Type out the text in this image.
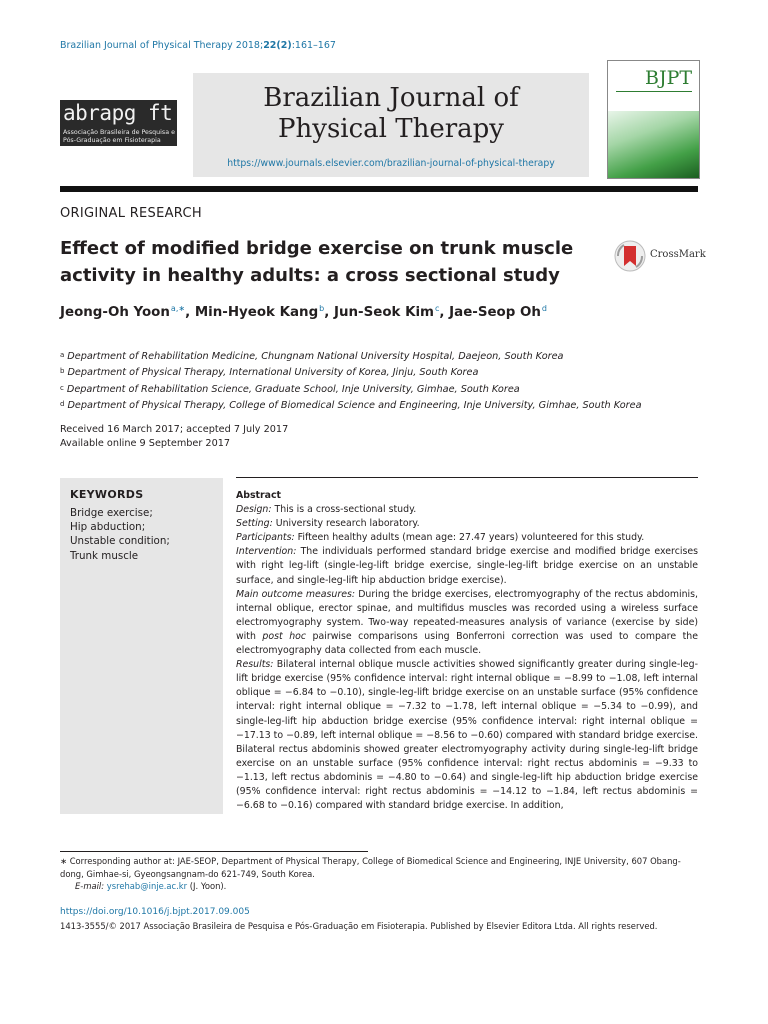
Brazilian Journal of Physical Therapy 2018;22(2):161–167
abrapg ft
Associação Brasileira de Pesquisa e
Pós-Graduação em Fisioterapia
Brazilian Journal of
Physical Therapy
https://www.journals.elsevier.com/brazilian-journal-of-physical-therapy
BJPT
ORIGINAL RESEARCH
Effect of modified bridge exercise on trunk muscle activity in healthy adults: a cross sectional study
CrossMark
Jeong-Oh Yoon$^{a,∗}$, Min-Hyeok Kang$^b$, Jun-Seok Kim$^c$, Jae-Seop Oh$^d$
$^a$ Department of Rehabilitation Medicine, Chungnam National University Hospital, Daejeon, South Korea
$^b$ Department of Physical Therapy, International University of Korea, Jinju, South Korea
$^c$ Department of Rehabilitation Science, Graduate School, Inje University, Gimhae, South Korea
$^d$ Department of Physical Therapy, College of Biomedical Science and Engineering, Inje University, Gimhae, South Korea
Received 16 March 2017; accepted 7 July 2017
Available online 9 September 2017
KEYWORDS
Bridge exercise;
Hip abduction;
Unstable condition;
Trunk muscle

Abstract

Design: This is a cross-sectional study.

Setting: University research laboratory.

Participants: Fifteen healthy adults (mean age: 27.47 years) volunteered for this study.

Intervention: The individuals performed standard bridge exercise and modified bridge exercises with right leg-lift (single-leg-lift bridge exercise, single-leg-lift bridge exercise on an unstable surface, and single-leg-lift hip abduction bridge exercise).

Main outcome measures: During the bridge exercises, electromyography of the rectus abdominis, internal oblique, erector spinae, and multifidus muscles was recorded using a wireless surface electromyography system. Two-way repeated-measures analysis of variance (exercise by side) with post hoc pairwise comparisons using Bonferroni correction was used to compare the electromyography data collected from each muscle.

Results: Bilateral internal oblique muscle activities showed significantly greater during single-leg-lift bridge exercise (95% confidence interval: right internal oblique = −8.99 to −1.08, left internal oblique = −6.84 to −0.10), single-leg-lift bridge exercise on an unstable surface (95% confidence interval: right internal oblique = −7.32 to −1.78, left internal oblique = −5.34 to −0.99), and single-leg-lift hip abduction bridge exercise (95% confidence interval: right internal oblique = −17.13 to −0.89, left internal oblique = −8.56 to −0.60) compared with standard bridge exercise. Bilateral rectus abdominis showed greater electromyography activity during single-leg-lift bridge exercise on an unstable surface (95% confidence interval: right rectus abdominis = −9.33 to −1.13, left rectus abdominis = −4.80 to −0.64) and single-leg-lift hip abduction bridge exercise (95% confidence interval: right rectus abdominis = −14.12 to −1.84, left rectus abdominis = −6.68 to −0.16) compared with standard bridge exercise. In addition,

∗ Corresponding author at: JAE-SEOP, Department of Physical Therapy, College of Biomedical Science and Engineering, INJE University, 607 Obang-dong, Gimhae-si, Gyeongsangnam-do 621-749, South Korea.
E-mail: ysrehab@inje.ac.kr (J. Yoon).
https://doi.org/10.1016/j.bjpt.2017.09.005
1413-3555/© 2017 Associação Brasileira de Pesquisa e Pós-Graduação em Fisioterapia. Published by Elsevier Editora Ltda. All rights reserved.
